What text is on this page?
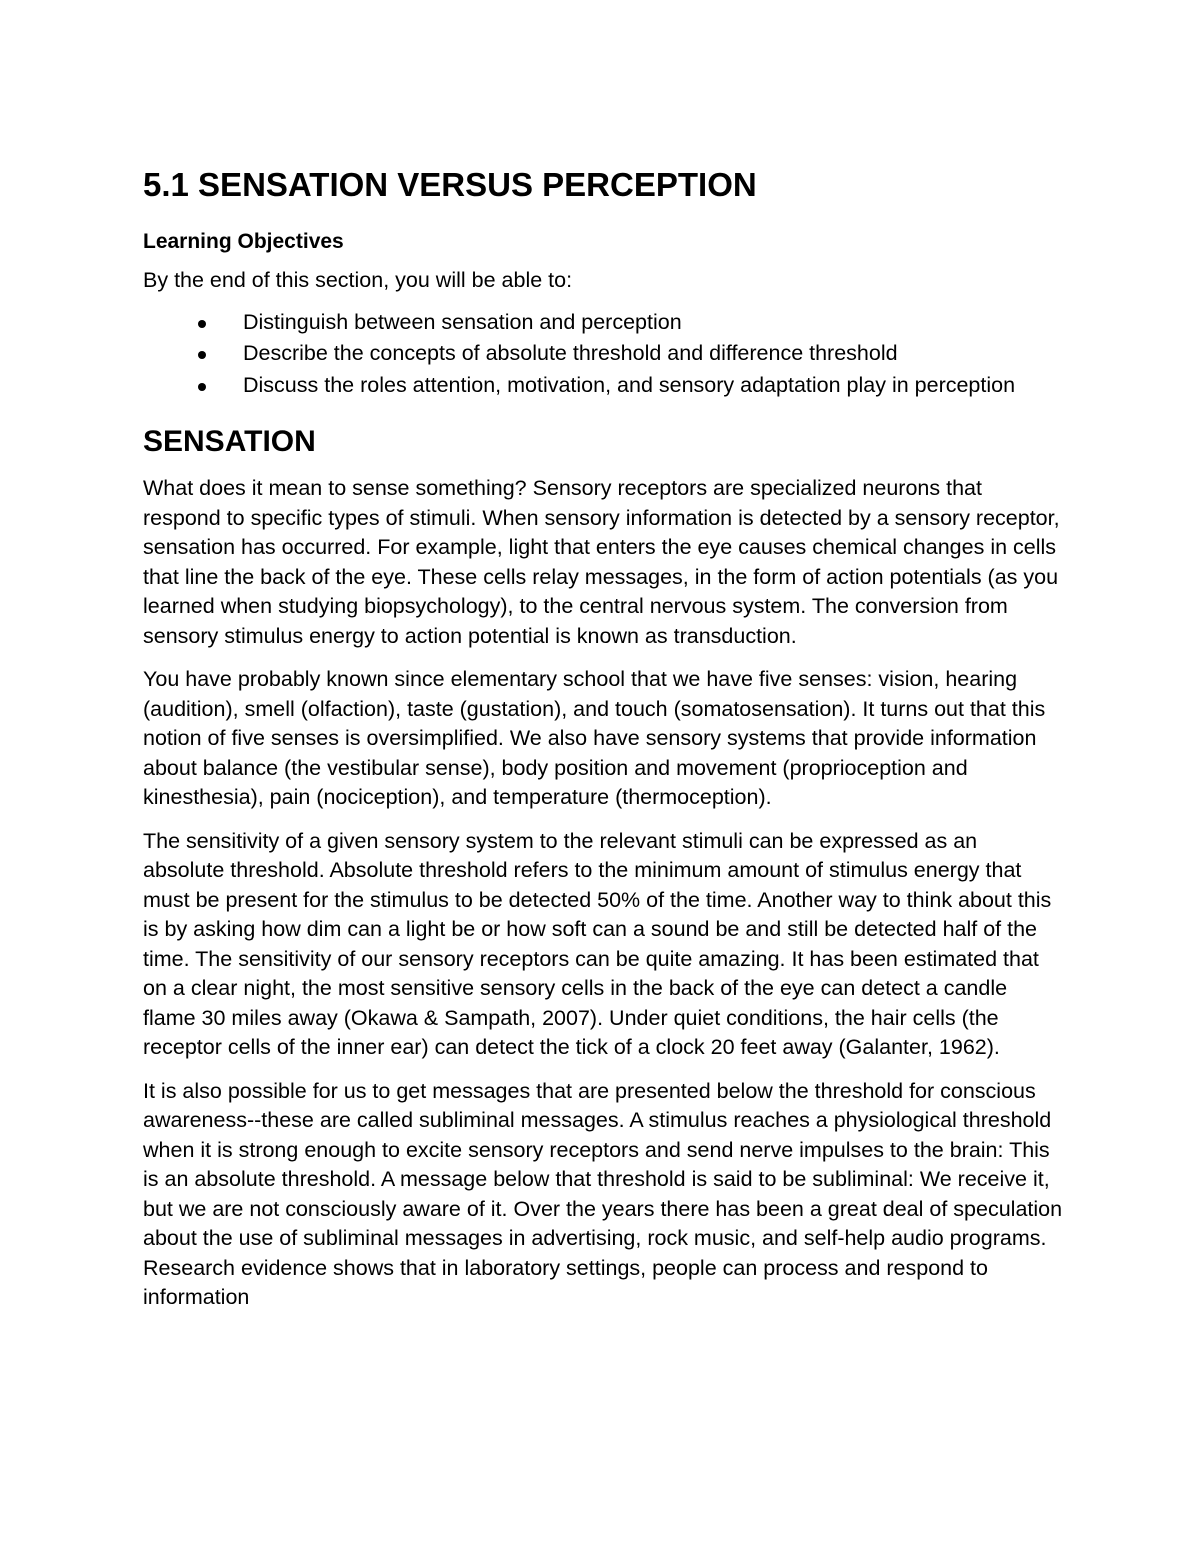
5.1 SENSATION VERSUS PERCEPTION
Learning Objectives

By the end of this section, you will be able to:

Distinguish between sensation and perception
Describe the concepts of absolute threshold and difference threshold
Discuss the roles attention, motivation, and sensory adaptation play in perception
SENSATION

What does it mean to sense something? Sensory receptors are specialized neurons that respond to specific types of stimuli. When sensory information is detected by a sensory receptor, sensation has occurred. For example, light that enters the eye causes chemical changes in cells that line the back of the eye. These cells relay messages, in the form of action potentials (as you learned when studying biopsychology), to the central nervous system. The conversion from sensory stimulus energy to action potential is known as transduction.

You have probably known since elementary school that we have five senses: vision, hearing (audition), smell (olfaction), taste (gustation), and touch (somatosensation). It turns out that this notion of five senses is oversimplified. We also have sensory systems that provide information about balance (the vestibular sense), body position and movement (proprioception and kinesthesia), pain (nociception), and temperature (thermoception).

The sensitivity of a given sensory system to the relevant stimuli can be expressed as an absolute threshold. Absolute threshold refers to the minimum amount of stimulus energy that must be present for the stimulus to be detected 50% of the time. Another way to think about this is by asking how dim can a light be or how soft can a sound be and still be detected half of the time. The sensitivity of our sensory receptors can be quite amazing. It has been estimated that on a clear night, the most sensitive sensory cells in the back of the eye can detect a candle flame 30 miles away (Okawa & Sampath, 2007). Under quiet conditions, the hair cells (the receptor cells of the inner ear) can detect the tick of a clock 20 feet away (Galanter, 1962).

It is also possible for us to get messages that are presented below the threshold for conscious awareness--these are called subliminal messages. A stimulus reaches a physiological threshold when it is strong enough to excite sensory receptors and send nerve impulses to the brain: This is an absolute threshold. A message below that threshold is said to be subliminal: We receive it, but we are not consciously aware of it. Over the years there has been a great deal of speculation about the use of subliminal messages in advertising, rock music, and self-help audio programs. Research evidence shows that in laboratory settings, people can process and respond to information
